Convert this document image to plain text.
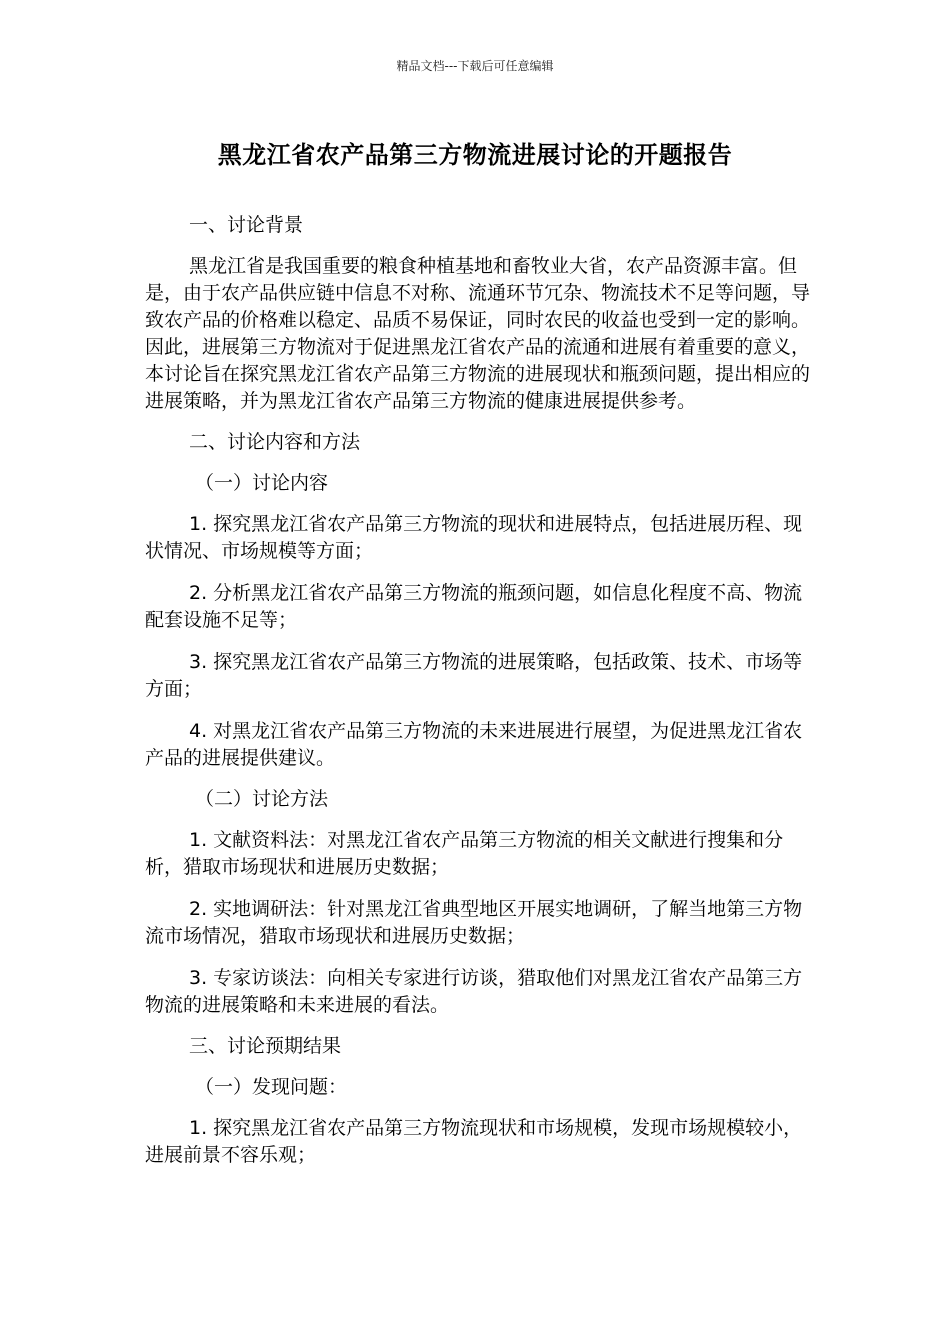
精品文档---下载后可任意编辑
黑龙江省农产品第三方物流进展讨论的开题报告

一、讨论背景

黑龙江省是我国重要的粮食种植基地和畜牧业大省，农产品资源丰富。但是，由于农产品供应链中信息不对称、流通环节冗杂、物流技术不足等问题，导致农产品的价格难以稳定、品质不易保证，同时农民的收益也受到一定的影响。因此，进展第三方物流对于促进黑龙江省农产品的流通和进展有着重要的意义，本讨论旨在探究黑龙江省农产品第三方物流的进展现状和瓶颈问题，提出相应的进展策略，并为黑龙江省农产品第三方物流的健康进展提供参考。

二、讨论内容和方法

（一）讨论内容

1. 探究黑龙江省农产品第三方物流的现状和进展特点，包括进展历程、现状情况、市场规模等方面；

2. 分析黑龙江省农产品第三方物流的瓶颈问题，如信息化程度不高、物流配套设施不足等；

3. 探究黑龙江省农产品第三方物流的进展策略，包括政策、技术、市场等方面；

4. 对黑龙江省农产品第三方物流的未来进展进行展望，为促进黑龙江省农产品的进展提供建议。

（二）讨论方法

1. 文献资料法：对黑龙江省农产品第三方物流的相关文献进行搜集和分析，猎取市场现状和进展历史数据；

2. 实地调研法：针对黑龙江省典型地区开展实地调研，了解当地第三方物流市场情况，猎取市场现状和进展历史数据；

3. 专家访谈法：向相关专家进行访谈，猎取他们对黑龙江省农产品第三方物流的进展策略和未来进展的看法。

三、讨论预期结果

（一）发现问题：

1. 探究黑龙江省农产品第三方物流现状和市场规模，发现市场规模较小，进展前景不容乐观；
